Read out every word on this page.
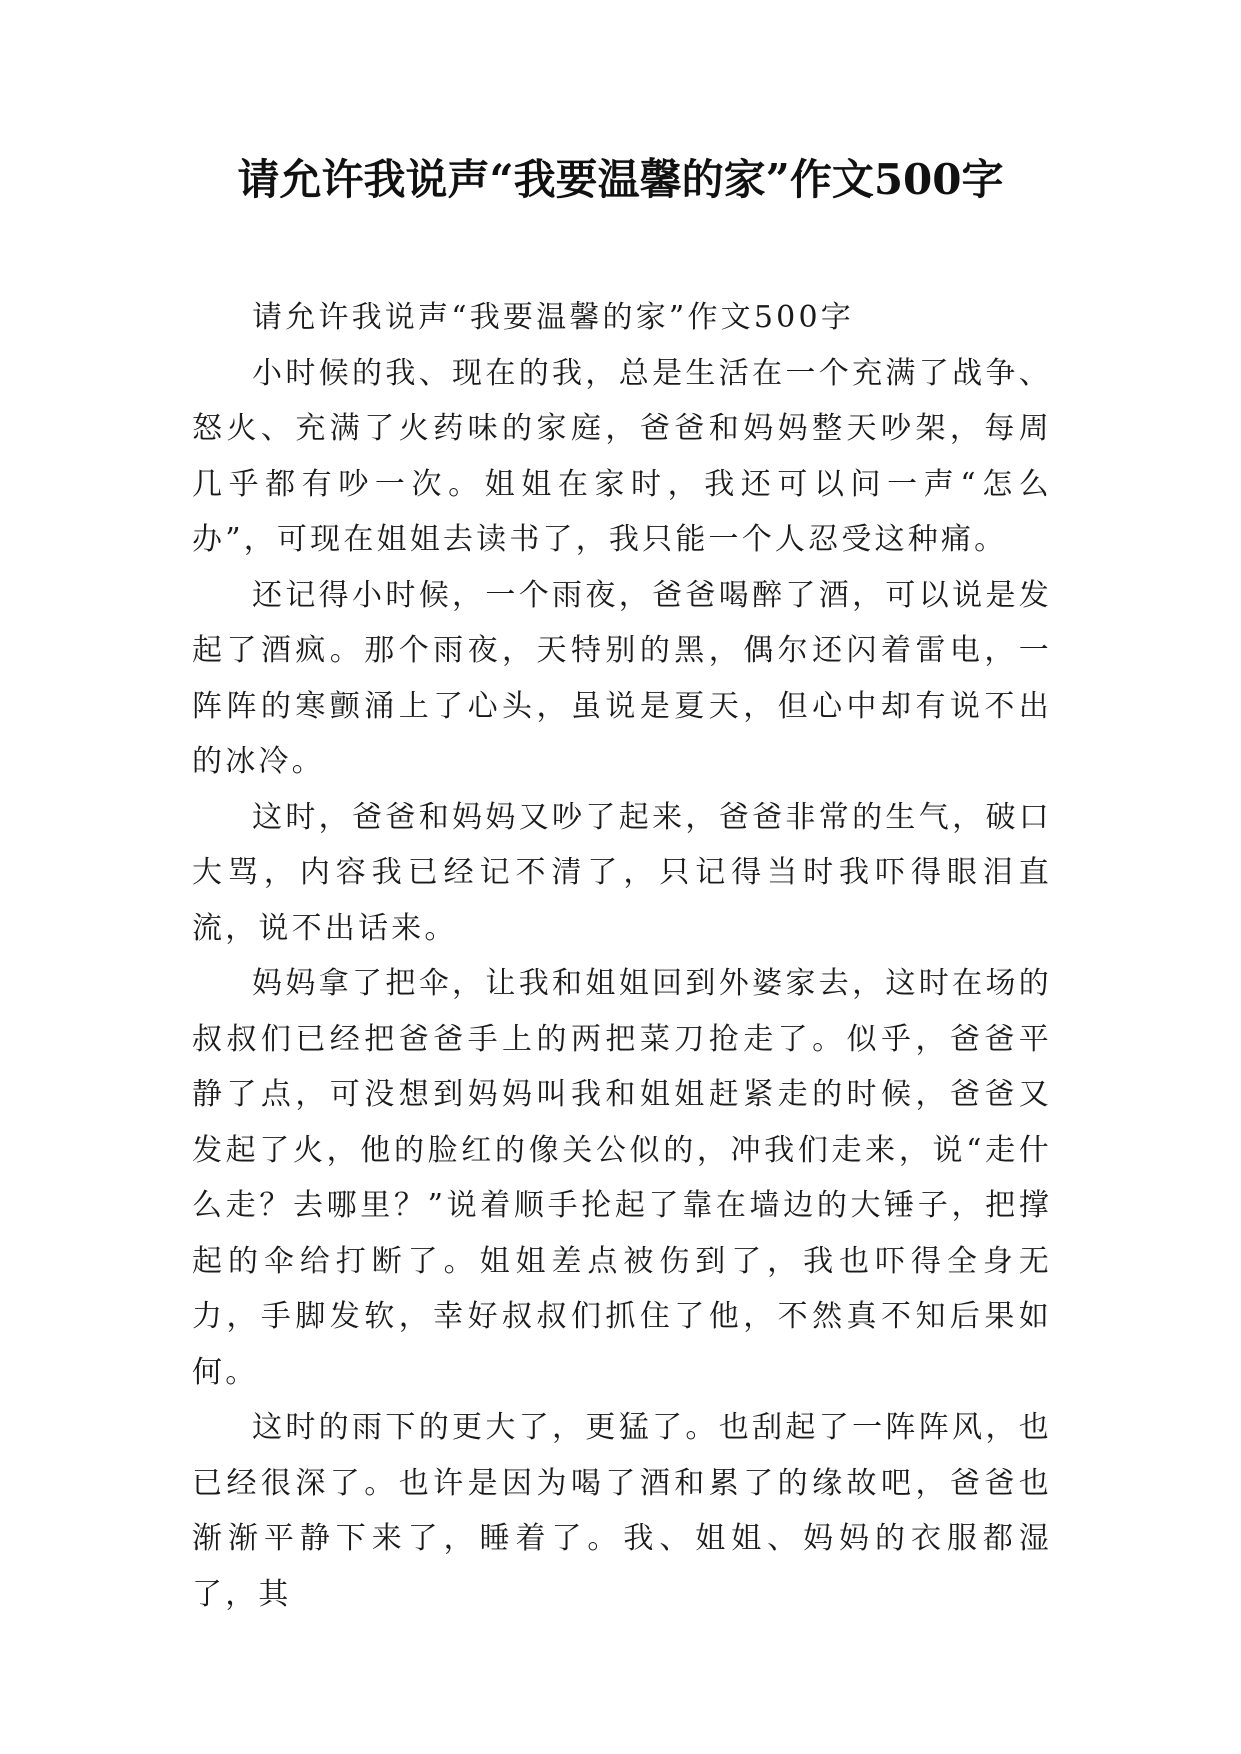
请允许我说声“我要温馨的家”作文500字

请允许我说声“我要温馨的家”作文500字

小时候的我、现在的我，总是生活在一个充满了战争、怒火、充满了火药味的家庭，爸爸和妈妈整天吵架，每周几乎都有吵一次。姐姐在家时，我还可以问一声“怎么办”，可现在姐姐去读书了，我只能一个人忍受这种痛。

还记得小时候，一个雨夜，爸爸喝醉了酒，可以说是发起了酒疯。那个雨夜，天特别的黑，偶尔还闪着雷电，一阵阵的寒颤涌上了心头，虽说是夏天，但心中却有说不出的冰冷。

这时，爸爸和妈妈又吵了起来，爸爸非常的生气，破口大骂，内容我已经记不清了，只记得当时我吓得眼泪直流，说不出话来。

妈妈拿了把伞，让我和姐姐回到外婆家去，这时在场的叔叔们已经把爸爸手上的两把菜刀抢走了。似乎，爸爸平静了点，可没想到妈妈叫我和姐姐赶紧走的时候，爸爸又发起了火，他的脸红的像关公似的，冲我们走来，说“走什么走？去哪里？”说着顺手抡起了靠在墙边的大锤子，把撑起的伞给打断了。姐姐差点被伤到了，我也吓得全身无力，手脚发软，幸好叔叔们抓住了他，不然真不知后果如何。

这时的雨下的更大了，更猛了。也刮起了一阵阵风，也已经很深了。也许是因为喝了酒和累了的缘故吧，爸爸也渐渐平静下来了，睡着了。我、姐姐、妈妈的衣服都湿了，其
